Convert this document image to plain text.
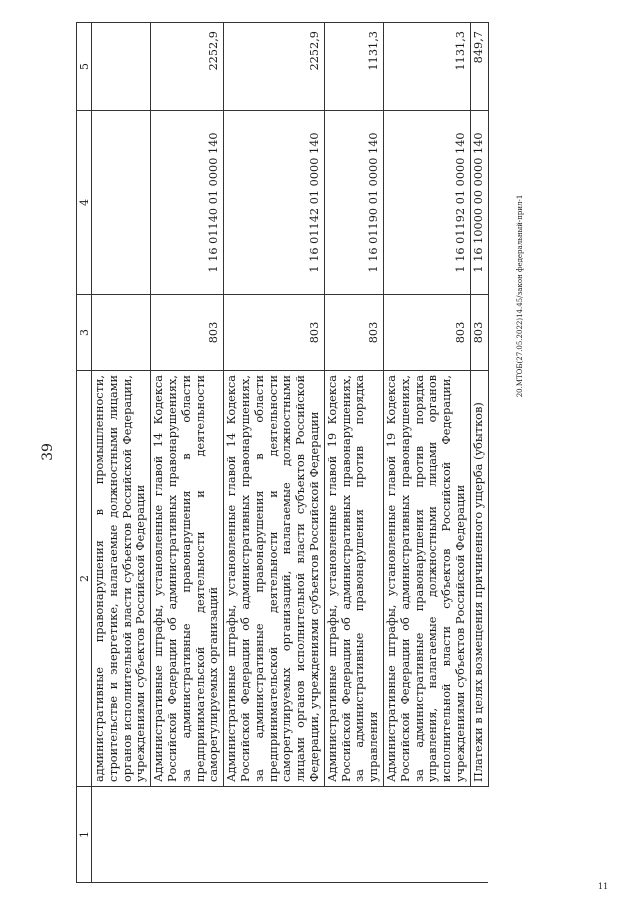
39
1	2	3	4	5
	административные правонарушения в промышленности, строительстве и энергетике, налагаемые должностными лицами органов исполнительной власти субъектов Российской Федерации, учреждениями субъектов Российской Федерации			
	Административные штрафы, установленные главой 14 Кодекса Российской Федерации об административных правонарушениях, за административные правонарушения в области предпринимательской деятельности и деятельности саморегулируемых организаций	803	1 16 01140 01 0000 140	2252,9
	Административные штрафы, установленные главой 14 Кодекса Российской Федерации об административных правонарушениях, за административные правонарушения в области предпринимательской деятельности и деятельности саморегулируемых организаций, налагаемые должностными лицами органов исполнительной власти субъектов Российской Федерации, учреждениями субъектов Российской Федерации	803	1 16 01142 01 0000 140	2252,9
	Административные штрафы, установленные главой 19 Кодекса Российской Федерации об административных правонарушениях, за административные правонарушения против порядка управления	803	1 16 01190 01 0000 140	1131,3
	Административные штрафы, установленные главой 19 Кодекса Российской Федерации об административных правонарушениях, за административные правонарушения против порядка управления, налагаемые должностными лицами органов исполнительной власти субъектов Российской Федерации, учреждениями субъектов Российской Федерации	803	1 16 01192 01 0000 140	1131,3
	Платежи в целях возмещения причиненного ущерба (убытков)	803	1 16 10000 00 0000 140	849,7
20.МТОБ(27.05.2022)14.45/закон федеральный-прил-1
11
